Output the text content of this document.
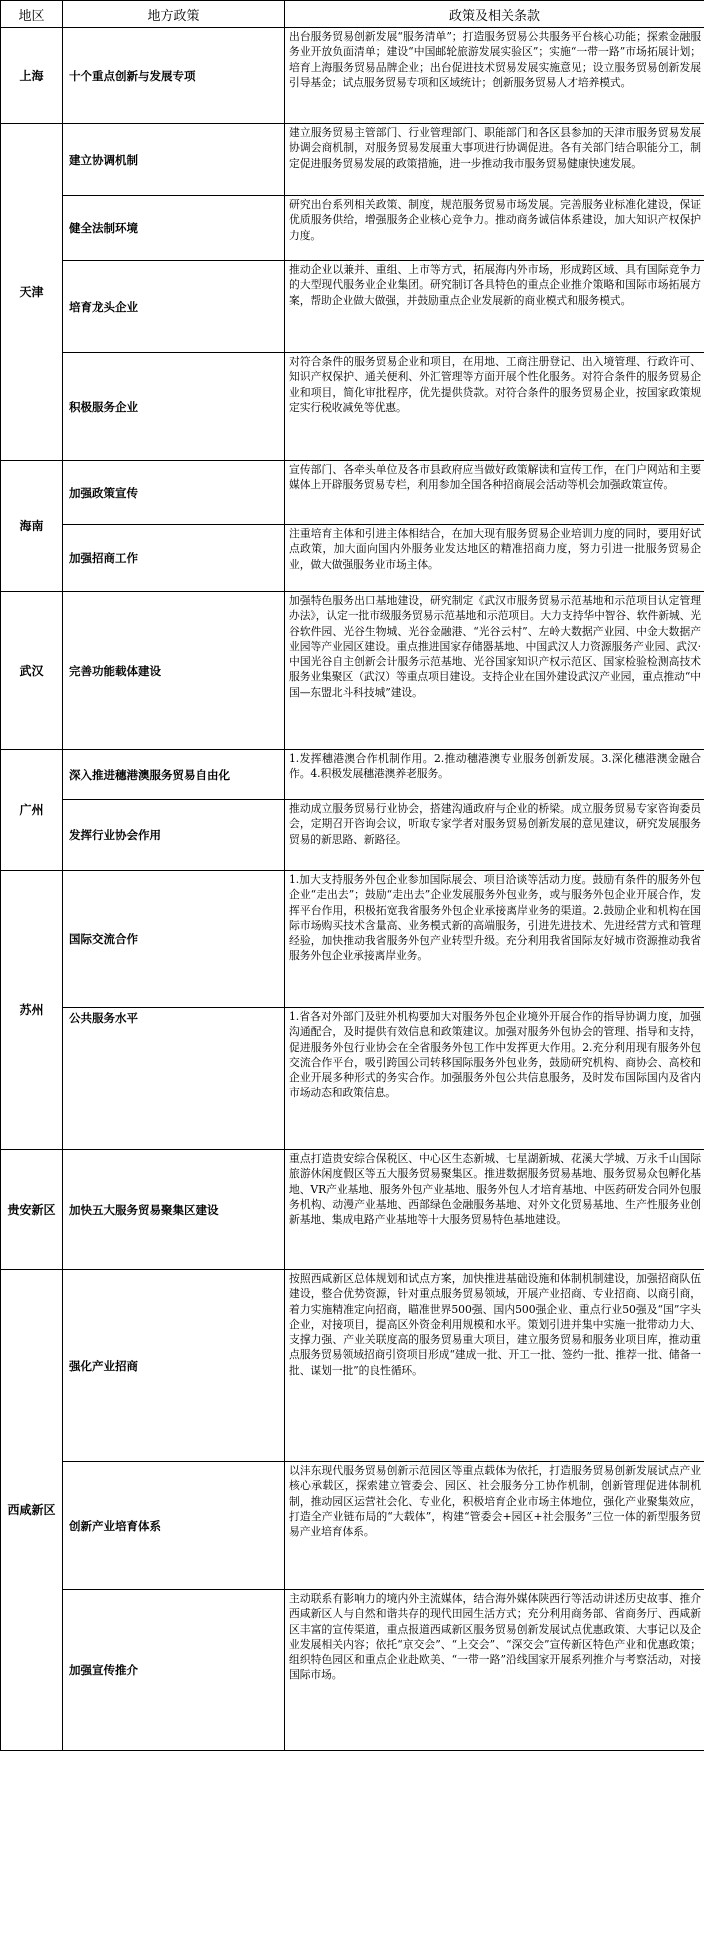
地区	地方政策	政策及相关条款
上海	十个重点创新与发展专项	出台服务贸易创新发展“服务清单”；打造服务贸易公共服务平台核心功能；探索金融服务业开放负面清单；建设“中国邮轮旅游发展实验区”；实施“一带一路”市场拓展计划；培育上海服务贸易品牌企业；出台促进技术贸易发展实施意见；设立服务贸易创新发展引导基金；试点服务贸易专项和区域统计；创新服务贸易人才培养模式。

天津	建立协调机制	建立服务贸易主管部门、行业管理部门、职能部门和各区县参加的天津市服务贸易发展协调会商机制，对服务贸易发展重大事项进行协调促进。各有关部门结合职能分工，制定促进服务贸易发展的政策措施，进一步推动我市服务贸易健康快速发展。

	健全法制环境	研究出台系列相关政策、制度，规范服务贸易市场发展。完善服务业标准化建设，保证优质服务供给，增强服务企业核心竞争力。推动商务诚信体系建设，加大知识产权保护力度。

	培育龙头企业	推动企业以兼并、重组、上市等方式，拓展海内外市场，形成跨区域、具有国际竞争力的大型现代服务业企业集团。研究制订各具特色的重点企业推介策略和国际市场拓展方案，帮助企业做大做强，并鼓励重点企业发展新的商业模式和服务模式。

	积极服务企业	对符合条件的服务贸易企业和项目，在用地、工商注册登记、出入境管理、行政许可、知识产权保护、通关便利、外汇管理等方面开展个性化服务。对符合条件的服务贸易企业和项目，简化审批程序，优先提供贷款。对符合条件的服务贸易企业，按国家政策规定实行税收减免等优惠。

海南	加强政策宣传	宣传部门、各牵头单位及各市县政府应当做好政策解读和宣传工作，在门户网站和主要媒体上开辟服务贸易专栏，利用参加全国各种招商展会活动等机会加强政策宣传。

	加强招商工作	注重培育主体和引进主体相结合，在加大现有服务贸易企业培训力度的同时，要用好试点政策，加大面向国内外服务业发达地区的精准招商力度，努力引进一批服务贸易企业，做大做强服务业市场主体。

武汉	完善功能载体建设	加强特色服务出口基地建设，研究制定《武汉市服务贸易示范基地和示范项目认定管理办法》，认定一批市级服务贸易示范基地和示范项目。大力支持华中智谷、软件新城、光谷软件园、光谷生物城、光谷金融港、“光谷云村”、左岭大数据产业园、中金大数据产业园等产业园区建设。重点推进国家存储器基地、中国武汉人力资源服务产业园、武汉·中国光谷自主创新会计服务示范基地、光谷国家知识产权示范区、国家检验检测高技术服务业集聚区（武汉）等重点项目建设。支持企业在国外建设武汉产业园，重点推动“中国—东盟北斗科技城”建设。

广州	深入推进穗港澳服务贸易自由化	1.发挥穗港澳合作机制作用。2.推动穗港澳专业服务创新发展。3.深化穗港澳金融合作。4.积极发展穗港澳养老服务。

	发挥行业协会作用	推动成立服务贸易行业协会，搭建沟通政府与企业的桥梁。成立服务贸易专家咨询委员会，定期召开咨询会议，听取专家学者对服务贸易创新发展的意见建议，研究发展服务贸易的新思路、新路径。

苏州	国际交流合作	1.加大支持服务外包企业参加国际展会、项目洽谈等活动力度。鼓励有条件的服务外包企业“走出去”；鼓励“走出去”企业发展服务外包业务，或与服务外包企业开展合作，发挥平台作用，积极拓宽我省服务外包企业承接离岸业务的渠道。2.鼓励企业和机构在国际市场购买技术含量高、业务模式新的高端服务，引进先进技术、先进经营方式和管理经验，加快推动我省服务外包产业转型升级。充分利用我省国际友好城市资源推动我省服务外包企业承接离岸业务。

	公共服务水平	1.省各对外部门及驻外机构要加大对服务外包企业境外开展合作的指导协调力度，加强沟通配合，及时提供有效信息和政策建议。加强对服务外包协会的管理、指导和支持，促进服务外包行业协会在全省服务外包工作中发挥更大作用。2.充分利用现有服务外包交流合作平台，吸引跨国公司转移国际服务外包业务，鼓励研究机构、商协会、高校和企业开展多种形式的务实合作。加强服务外包公共信息服务，及时发布国际国内及省内市场动态和政策信息。

贵安新区	加快五大服务贸易聚集区建设	重点打造贵安综合保税区、中心区生态新城、七星湖新城、花溪大学城、万永千山国际旅游休闲度假区等五大服务贸易聚集区。推进数据服务贸易基地、服务贸易众包孵化基地、VR产业基地、服务外包产业基地、服务外包人才培育基地、中医药研发合同外包服务机构、动漫产业基地、西部绿色金融服务基地、对外文化贸易基地、生产性服务业创新基地、集成电路产业基地等十大服务贸易特色基地建设。

西咸新区	强化产业招商	按照西咸新区总体规划和试点方案，加快推进基础设施和体制机制建设，加强招商队伍建设，整合优势资源，针对重点服务贸易领域，开展产业招商、专业招商、以商引商，着力实施精准定向招商，瞄准世界500强、国内500强企业、重点行业50强及“国”字头企业，对接项目，提高区外资金利用规模和水平。策划引进并集中实施一批带动力大、支撑力强、产业关联度高的服务贸易重大项目，建立服务贸易和服务业项目库，推动重点服务贸易领域招商引资项目形成“建成一批、开工一批、签约一批、推荐一批、储备一批、谋划一批”的良性循环。

	创新产业培育体系	以沣东现代服务贸易创新示范园区等重点载体为依托，打造服务贸易创新发展试点产业核心承载区，探索建立管委会、园区、社会服务分工协作机制，创新管理促进体制机制，推动园区运营社会化、专业化，积极培育企业市场主体地位，强化产业聚集效应，打造全产业链布局的“大载体”，构建“管委会+园区+社会服务”三位一体的新型服务贸易产业培育体系。

	加强宣传推介	主动联系有影响力的境内外主流媒体，结合海外媒体陕西行等活动讲述历史故事、推介西咸新区人与自然和谐共存的现代田园生活方式；充分利用商务部、省商务厅、西咸新区丰富的宣传渠道，重点报道西咸新区服务贸易创新发展试点优惠政策、大事记以及企业发展相关内容；依托“京交会”、“上交会”、“深交会”宣传新区特色产业和优惠政策；组织特色园区和重点企业赴欧美、“一带一路”沿线国家开展系列推介与考察活动，对接国际市场。
